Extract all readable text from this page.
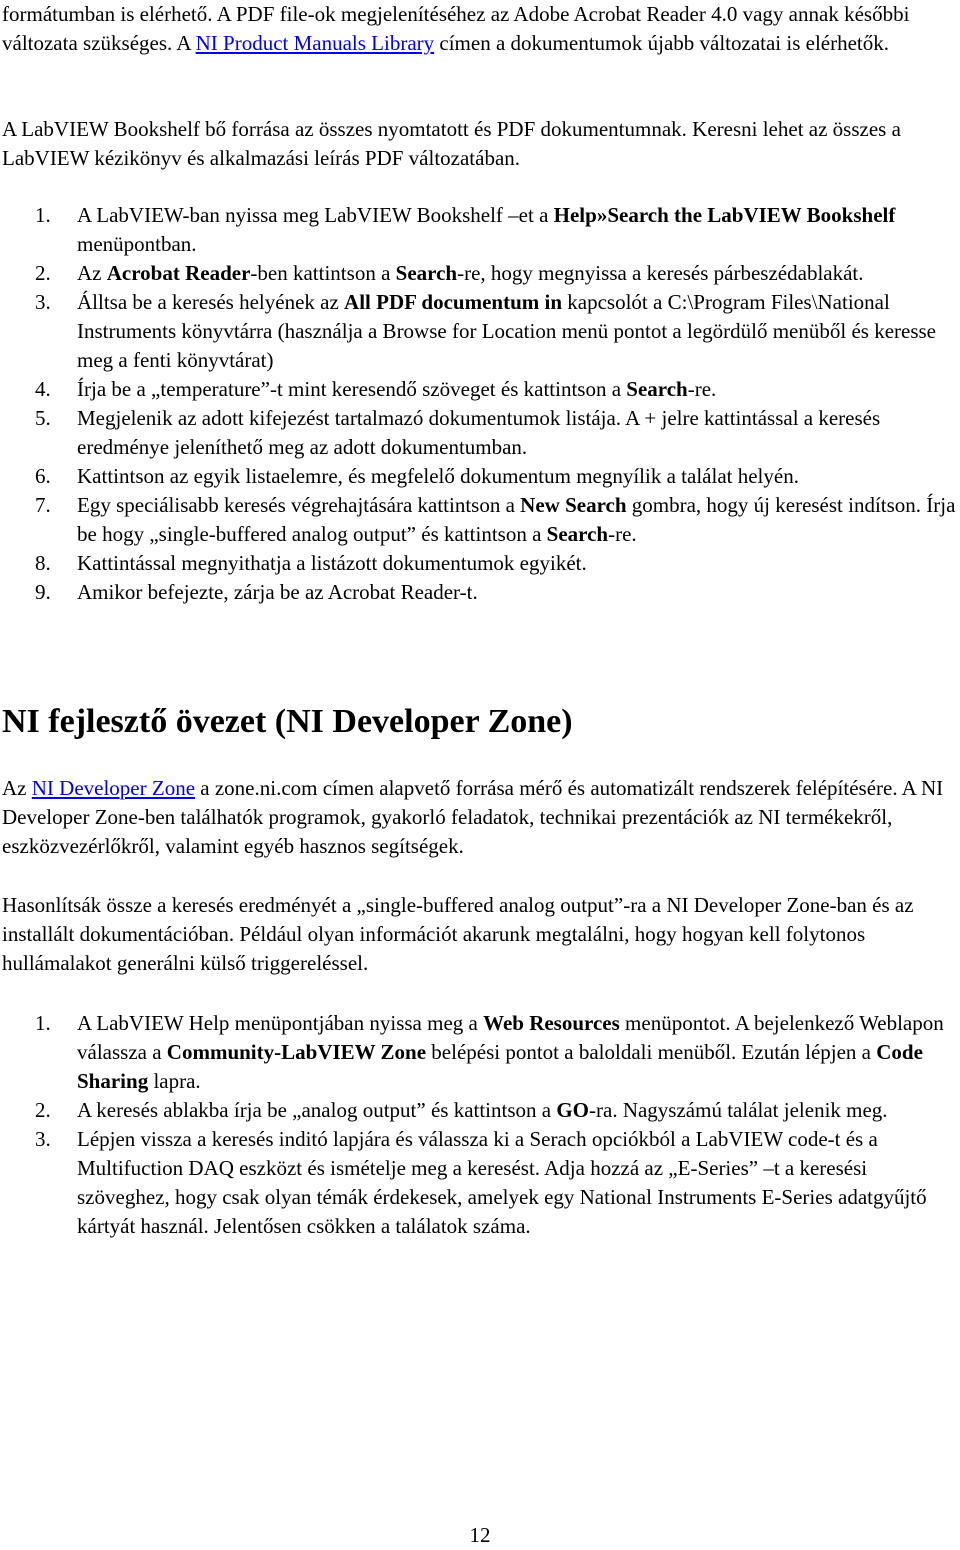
formátumban is elérhető. A PDF file-ok megjelenítéséhez az Adobe Acrobat Reader 4.0 vagy annak későbbi változata szükséges. A NI Product Manuals Library címen a dokumentumok újabb változatai is elérhetők.

A LabVIEW Bookshelf bő forrása az összes nyomtatott és PDF dokumentumnak. Keresni lehet az összes a LabVIEW kézikönyv és alkalmazási leírás PDF változatában.

1. A LabVIEW-ban nyissa meg LabVIEW Bookshelf –et a Help»Search the LabVIEW Bookshelf menüpontban.
2. Az Acrobat Reader-ben kattintson a Search-re, hogy megnyissa a keresés párbeszédablakát.
3. Álltsa be a keresés helyének az All PDF documentum in kapcsolót a C:\Program Files\National Instruments könyvtárra (használja a Browse for Location menü pontot a legördülő menüből és keresse meg a fenti könyvtárat)
4. Írja be a „temperature”-t mint keresendő szöveget és kattintson a Search-re.
5. Megjelenik az adott kifejezést tartalmazó dokumentumok listája. A + jelre kattintással a keresés eredménye jeleníthető meg az adott dokumentumban.
6. Kattintson az egyik listaelemre, és megfelelő dokumentum megnyílik a találat helyén.
7. Egy speciálisabb keresés végrehajtására kattintson a New Search gombra, hogy új keresést indítson. Írja be hogy „single-buffered analog output” és kattintson a Search-re.
8. Kattintással megnyithatja a listázott dokumentumok egyikét.
9. Amikor befejezte, zárja be az Acrobat Reader-t.
NI fejlesztő övezet (NI Developer Zone)

Az NI Developer Zone a zone.ni.com címen alapvető forrása mérő és automatizált rendszerek felépítésére. A NI Developer Zone-ben találhatók programok, gyakorló feladatok, technikai prezentációk az NI termékekről, eszközvezérlőkről, valamint egyéb hasznos segítségek.

Hasonlítsák össze a keresés eredményét a „single-buffered analog output”-ra a NI Developer Zone-ban és az installált dokumentációban. Például olyan információt akarunk megtalálni, hogy hogyan kell folytonos hullámalakot generálni külső triggereléssel.

1. A LabVIEW Help menüpontjában nyissa meg a Web Resources menüpontot. A bejelenkező Weblapon válassza a Community-LabVIEW Zone belépési pontot a baloldali menüből. Ezután lépjen a Code Sharing lapra.
2. A keresés ablakba írja be „analog output” és kattintson a GO-ra. Nagyszámú találat jelenik meg.
3. Lépjen vissza a keresés inditó lapjára és válassza ki a Serach opciókból a LabVIEW code-t és a Multifuction DAQ eszközt és ismételje meg a keresést. Adja hozzá az „E-Series” –t a keresési szöveghez, hogy csak olyan témák érdekesek, amelyek egy National Instruments E-Series adatgyűjtő kártyát használ. Jelentősen csökken a találatok száma.
12
